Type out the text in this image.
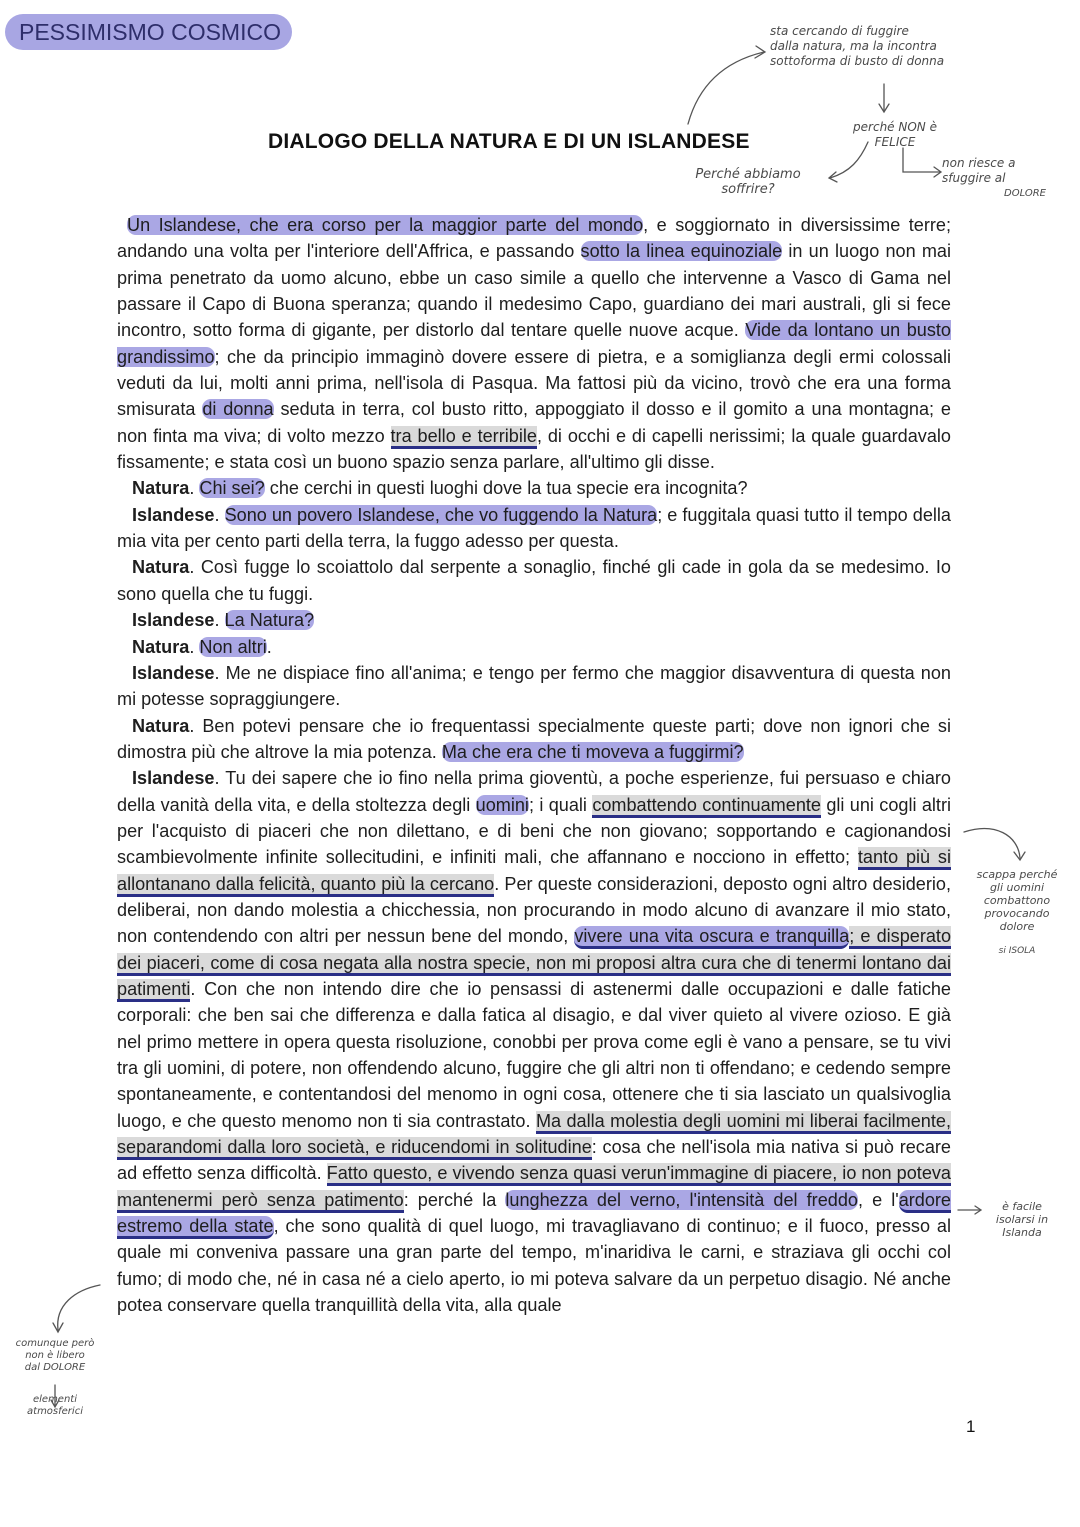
PESSIMISMO COSMICO
DIALOGO DELLA NATURA E DI UN ISLANDESE
sta cercando di fuggire
dalla natura, ma la incontra
sottoforma di busto di donna
perché NON è
FELICE
Perché abbiamo
soffrire?
non riesce a
sfuggire al
DOLORE
scappa perché
gli uomini
combattono
provocando
dolore
si ISOLA
è facile
isolarsi in
Islanda
comunque però
non è libero
dal DOLORE
elementi
atmosferici

Un Islandese, che era corso per la maggior parte del mondo, e soggiornato in diversissime terre; andando una volta per l'interiore dell'Affrica, e passando sotto la linea equinoziale in un luogo non mai prima penetrato da uomo alcuno, ebbe un caso simile a quello che intervenne a Vasco di Gama nel passare il Capo di Buona speranza; quando il medesimo Capo, guardiano dei mari australi, gli si fece incontro, sotto forma di gigante, per distorlo dal tentare quelle nuove acque. Vide da lontano un busto grandissimo; che da principio immaginò dovere essere di pietra, e a somiglianza degli ermi colossali veduti da lui, molti anni prima, nell'isola di Pasqua. Ma fattosi più da vicino, trovò che era una forma smisurata di donna seduta in terra, col busto ritto, appoggiato il dosso e il gomito a una montagna; e non finta ma viva; di volto mezzo tra bello e terribile, di occhi e di capelli nerissimi; la quale guardavalo fissamente; e stata così un buono spazio senza parlare, all'ultimo gli disse.

Natura. Chi sei? che cerchi in questi luoghi dove la tua specie era incognita?

Islandese. Sono un povero Islandese, che vo fuggendo la Natura; e fuggitala quasi tutto il tempo della mia vita per cento parti della terra, la fuggo adesso per questa.

Natura. Così fugge lo scoiattolo dal serpente a sonaglio, finché gli cade in gola da se medesimo. Io sono quella che tu fuggi.

Islandese. La Natura?

Natura. Non altri.

Islandese. Me ne dispiace fino all'anima; e tengo per fermo che maggior disavventura di questa non mi potesse sopraggiungere.

Natura. Ben potevi pensare che io frequentassi specialmente queste parti; dove non ignori che si dimostra più che altrove la mia potenza. Ma che era che ti moveva a fuggirmi?

Islandese. Tu dei sapere che io fino nella prima gioventù, a poche esperienze, fui persuaso e chiaro della vanità della vita, e della stoltezza degli uomini; i quali combattendo continuamente gli uni cogli altri per l'acquisto di piaceri che non dilettano, e di beni che non giovano; sopportando e cagionandosi scambievolmente infinite sollecitudini, e infiniti mali, che affannano e nocciono in effetto; tanto più si allontanano dalla felicità, quanto più la cercano. Per queste considerazioni, deposto ogni altro desiderio, deliberai, non dando molestia a chicchessia, non procurando in modo alcuno di avanzare il mio stato, non contendendo con altri per nessun bene del mondo, vivere una vita oscura e tranquilla; e disperato dei piaceri, come di cosa negata alla nostra specie, non mi proposi altra cura che di tenermi lontano dai patimenti. Con che non intendo dire che io pensassi di astenermi dalle occupazioni e dalle fatiche corporali: che ben sai che differenza e dalla fatica al disagio, e dal viver quieto al vivere ozioso. E già nel primo mettere in opera questa risoluzione, conobbi per prova come egli è vano a pensare, se tu vivi tra gli uomini, di potere, non offendendo alcuno, fuggire che gli altri non ti offendano; e cedendo sempre spontaneamente, e contentandosi del menomo in ogni cosa, ottenere che ti sia lasciato un qualsivoglia luogo, e che questo menomo non ti sia contrastato. Ma dalla molestia degli uomini mi liberai facilmente, separandomi dalla loro società, e riducendomi in solitudine: cosa che nell'isola mia nativa si può recare ad effetto senza difficoltà. Fatto questo, e vivendo senza quasi verun'immagine di piacere, io non poteva mantenermi però senza patimento: perché la lunghezza del verno, l'intensità del freddo, e l'ardore estremo della state, che sono qualità di quel luogo, mi travagliavano di continuo; e il fuoco, presso al quale mi conveniva passare una gran parte del tempo, m'inaridiva le carni, e straziava gli occhi col fumo; di modo che, né in casa né a cielo aperto, io mi poteva salvare da un perpetuo disagio. Né anche potea conservare quella tranquillità della vita, alla quale

1
